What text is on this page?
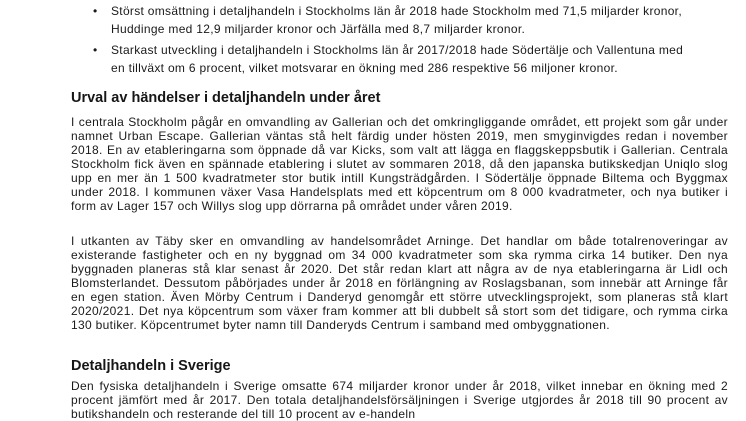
•	Störst omsättning i detaljhandeln i Stockholms län år 2018 hade Stockholm med 71,5 miljarder kronor, Huddinge med 12,9 miljarder kronor och Järfälla med 8,7 miljarder kronor.
•	Starkast utveckling i detaljhandeln i Stockholms län år 2017/2018 hade Södertälje och Vallentuna med en tillväxt om 6 procent, vilket motsvarar en ökning med 286 respektive 56 miljoner kronor.
Urval av händelser i detaljhandeln under året

I centrala Stockholm pågår en omvandling av Gallerian och det omkringliggande området, ett projekt som går under namnet Urban Escape. Gallerian väntas stå helt färdig under hösten 2019, men smyginvigdes redan i november 2018. En av etableringarna som öppnade då var Kicks, som valt att lägga en flaggskeppsbutik i Gallerian. Centrala Stockholm fick även en spännade etablering i slutet av sommaren 2018, då den japanska butikskedjan Uniqlo slog upp en mer än 1 500 kvadratmeter stor butik intill Kungsträdgården. I Södertälje öppnade Biltema och Byggmax under 2018. I kommunen växer Vasa Handelsplats med ett köpcentrum om 8 000 kvadratmeter, och nya butiker i form av Lager 157 och Willys slog upp dörrarna på området under våren 2019.

I utkanten av Täby sker en omvandling av handelsområdet Arninge. Det handlar om både totalrenoveringar av existerande fastigheter och en ny byggnad om 34 000 kvadratmeter som ska rymma cirka 14 butiker. Den nya byggnaden planeras stå klar senast år 2020. Det står redan klart att några av de nya etableringarna är Lidl och Blomsterlandet. Dessutom påbörjades under år 2018 en förlängning av Roslagsbanan, som innebär att Arninge får en egen station. Även Mörby Centrum i Danderyd genomgår ett större utvecklingsprojekt, som planeras stå klart 2020/2021. Det nya köpcentrum som växer fram kommer att bli dubbelt så stort som det tidigare, och rymma cirka 130 butiker. Köpcentrumet byter namn till Danderyds Centrum i samband med ombyggnationen.

Detaljhandeln i Sverige

Den fysiska detaljhandeln i Sverige omsatte 674 miljarder kronor under år 2018, vilket innebar en ökning med 2 procent jämfört med år 2017. Den totala detaljhandelsförsäljningen i Sverige utgjordes år 2018 till 90 procent av butikshandeln och resterande del till 10 procent av e-handeln
